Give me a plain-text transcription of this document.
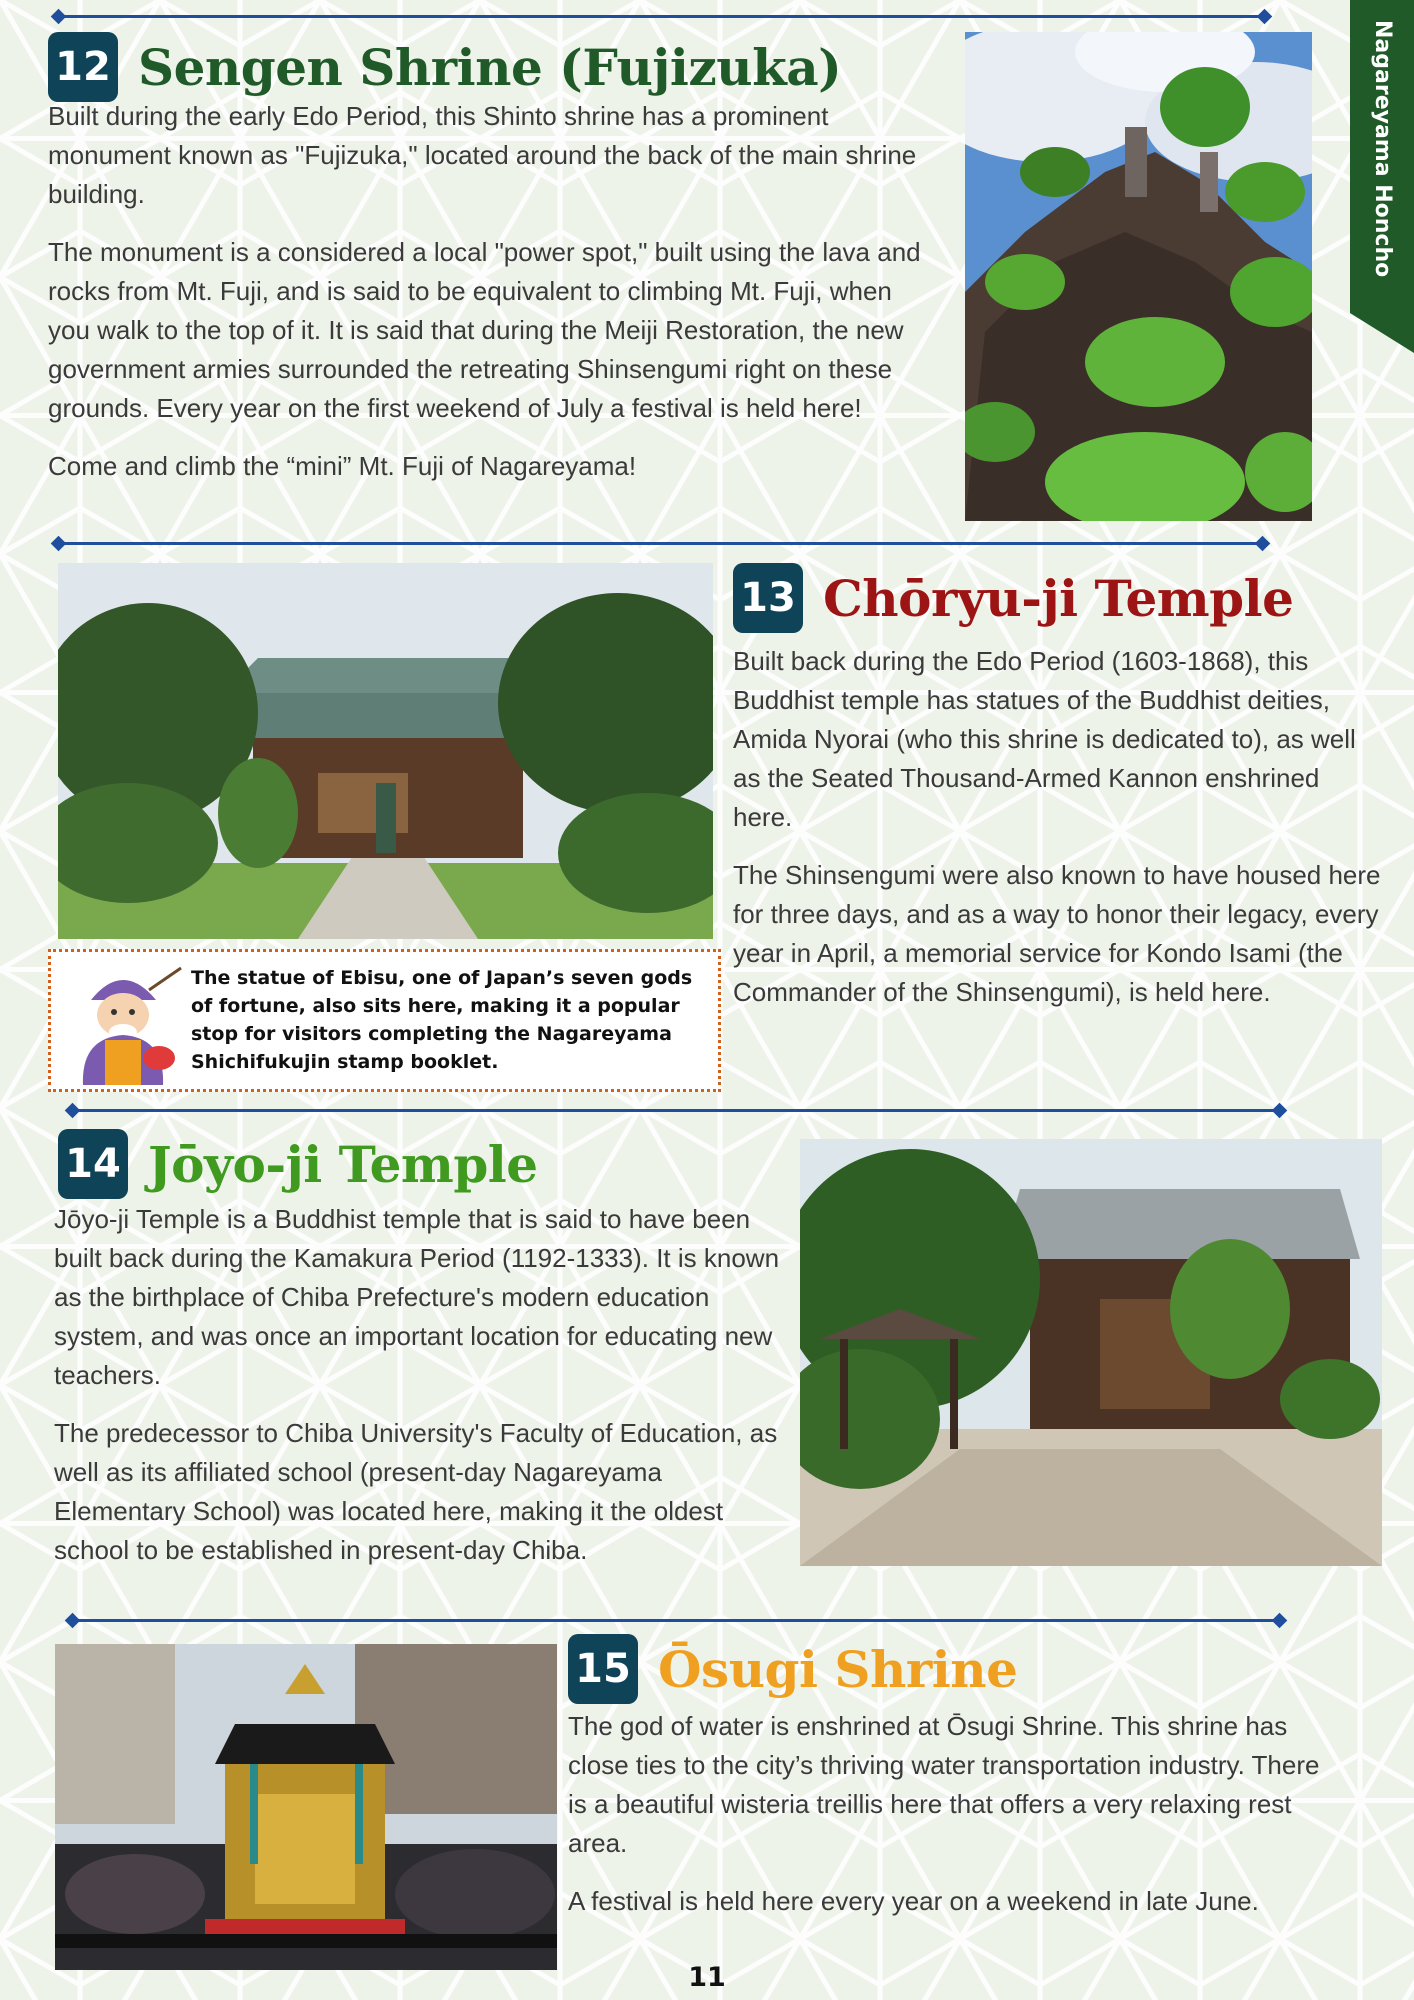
Nagareyama Honcho
12 Sengen Shrine (Fujizuka)

Built during the early Edo Period, this Shinto shrine has a prominent monument known as "Fujizuka," located around the back of the main shrine building.

The monument is a considered a local "power spot," built using the lava and rocks from Mt. Fuji, and is said to be equivalent to climbing Mt. Fuji, when you walk to the top of it. It is said that during the Meiji Restoration, the new government armies surrounded the retreating Shinsengumi right on these grounds. Every year on the first weekend of July a festival is held here!

Come and climb the “mini” Mt. Fuji of Nagareyama!

13 Chōryu-ji Temple

Built back during the Edo Period (1603-1868), this Buddhist temple has statues of the Buddhist deities, Amida Nyorai (who this shrine is dedicated to), as well as the Seated Thousand-Armed Kannon enshrined here.

The Shinsengumi were also known to have housed here for three days, and as a way to honor their legacy, every year in April, a memorial service for Kondo Isami (the Commander of the Shinsengumi), is held here.

The statue of Ebisu, one of Japan’s seven gods of fortune, also sits here, making it a popular stop for visitors completing the Nagareyama Shichifukujin stamp booklet.
14 Jōyo-ji Temple

Jōyo-ji Temple is a Buddhist temple that is said to have been built back during the Kamakura Period (1192-1333). It is known as the birthplace of Chiba Prefecture's modern education system, and was once an important location for educating new teachers.

The predecessor to Chiba University's Faculty of Education, as well as its affiliated school (present-day Nagareyama Elementary School) was located here, making it the oldest school to be established in present-day Chiba.

15 Ōsugi Shrine

The god of water is enshrined at Ōsugi Shrine. This shrine has close ties to the city’s thriving water transportation industry. There is a beautiful wisteria treillis here that offers a very relaxing rest area.

A festival is held here every year on a weekend in late June.

11
